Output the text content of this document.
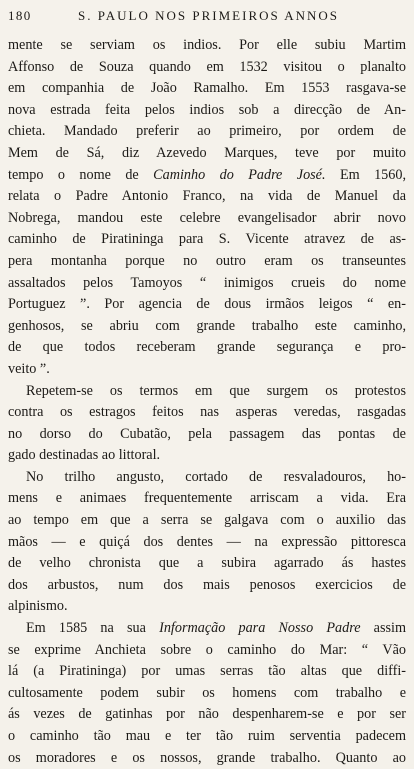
180	S. PAULO NOS PRIMEIROS ANNOS
mente se serviam os indios. Por elle subiu Martim
Affonso de Souza quando em 1532 visitou o planalto
em companhia de João Ramalho. Em 1553 rasgava-se
nova estrada feita pelos indios sob a direcção de An-
chieta. Mandado preferir ao primeiro, por ordem de
Mem de Sá, diz Azevedo Marques, teve por muito
tempo o nome de Caminho do Padre José. Em 1560,
relata o Padre Antonio Franco, na vida de Manuel da
Nobrega, mandou este celebre evangelisador abrir novo
caminho de Piratininga para S. Vicente atravez de as-
pera montanha porque no outro eram os transeuntes
assaltados pelos Tamoyos “ inimigos crueis do nome
Portuguez ”. Por agencia de dous irmãos leigos “ en-
genhosos, se abriu com grande trabalho este caminho,
de que todos receberam grande segurança e pro-
veito ”.
Repetem-se os termos em que surgem os protestos
contra os estragos feitos nas asperas veredas, rasgadas
no dorso do Cubatão, pela passagem das pontas de
gado destinadas ao littoral.
No trilho angusto, cortado de resvaladouros, ho-
mens e animaes frequentemente arriscam a vida. Era
ao tempo em que a serra se galgava com o auxilio das
mãos — e quiçá dos dentes — na expressão pittoresca
de velho chronista que a subira agarrado ás hastes
dos arbustos, num dos mais penosos exercicios de
alpinismo.
Em 1585 na sua Informação para Nosso Padre assim
se exprime Anchieta sobre o caminho do Mar: “ Vão
lá (a Piratininga) por umas serras tão altas que diffi-
cultosamente podem subir os homens com trabalho e
ás vezes de gatinhas por não despenharem-se e por ser
o caminho tão mau e ter tão ruim serventia padecem
os moradores e os nossos, grande trabalho. Quanto ao
